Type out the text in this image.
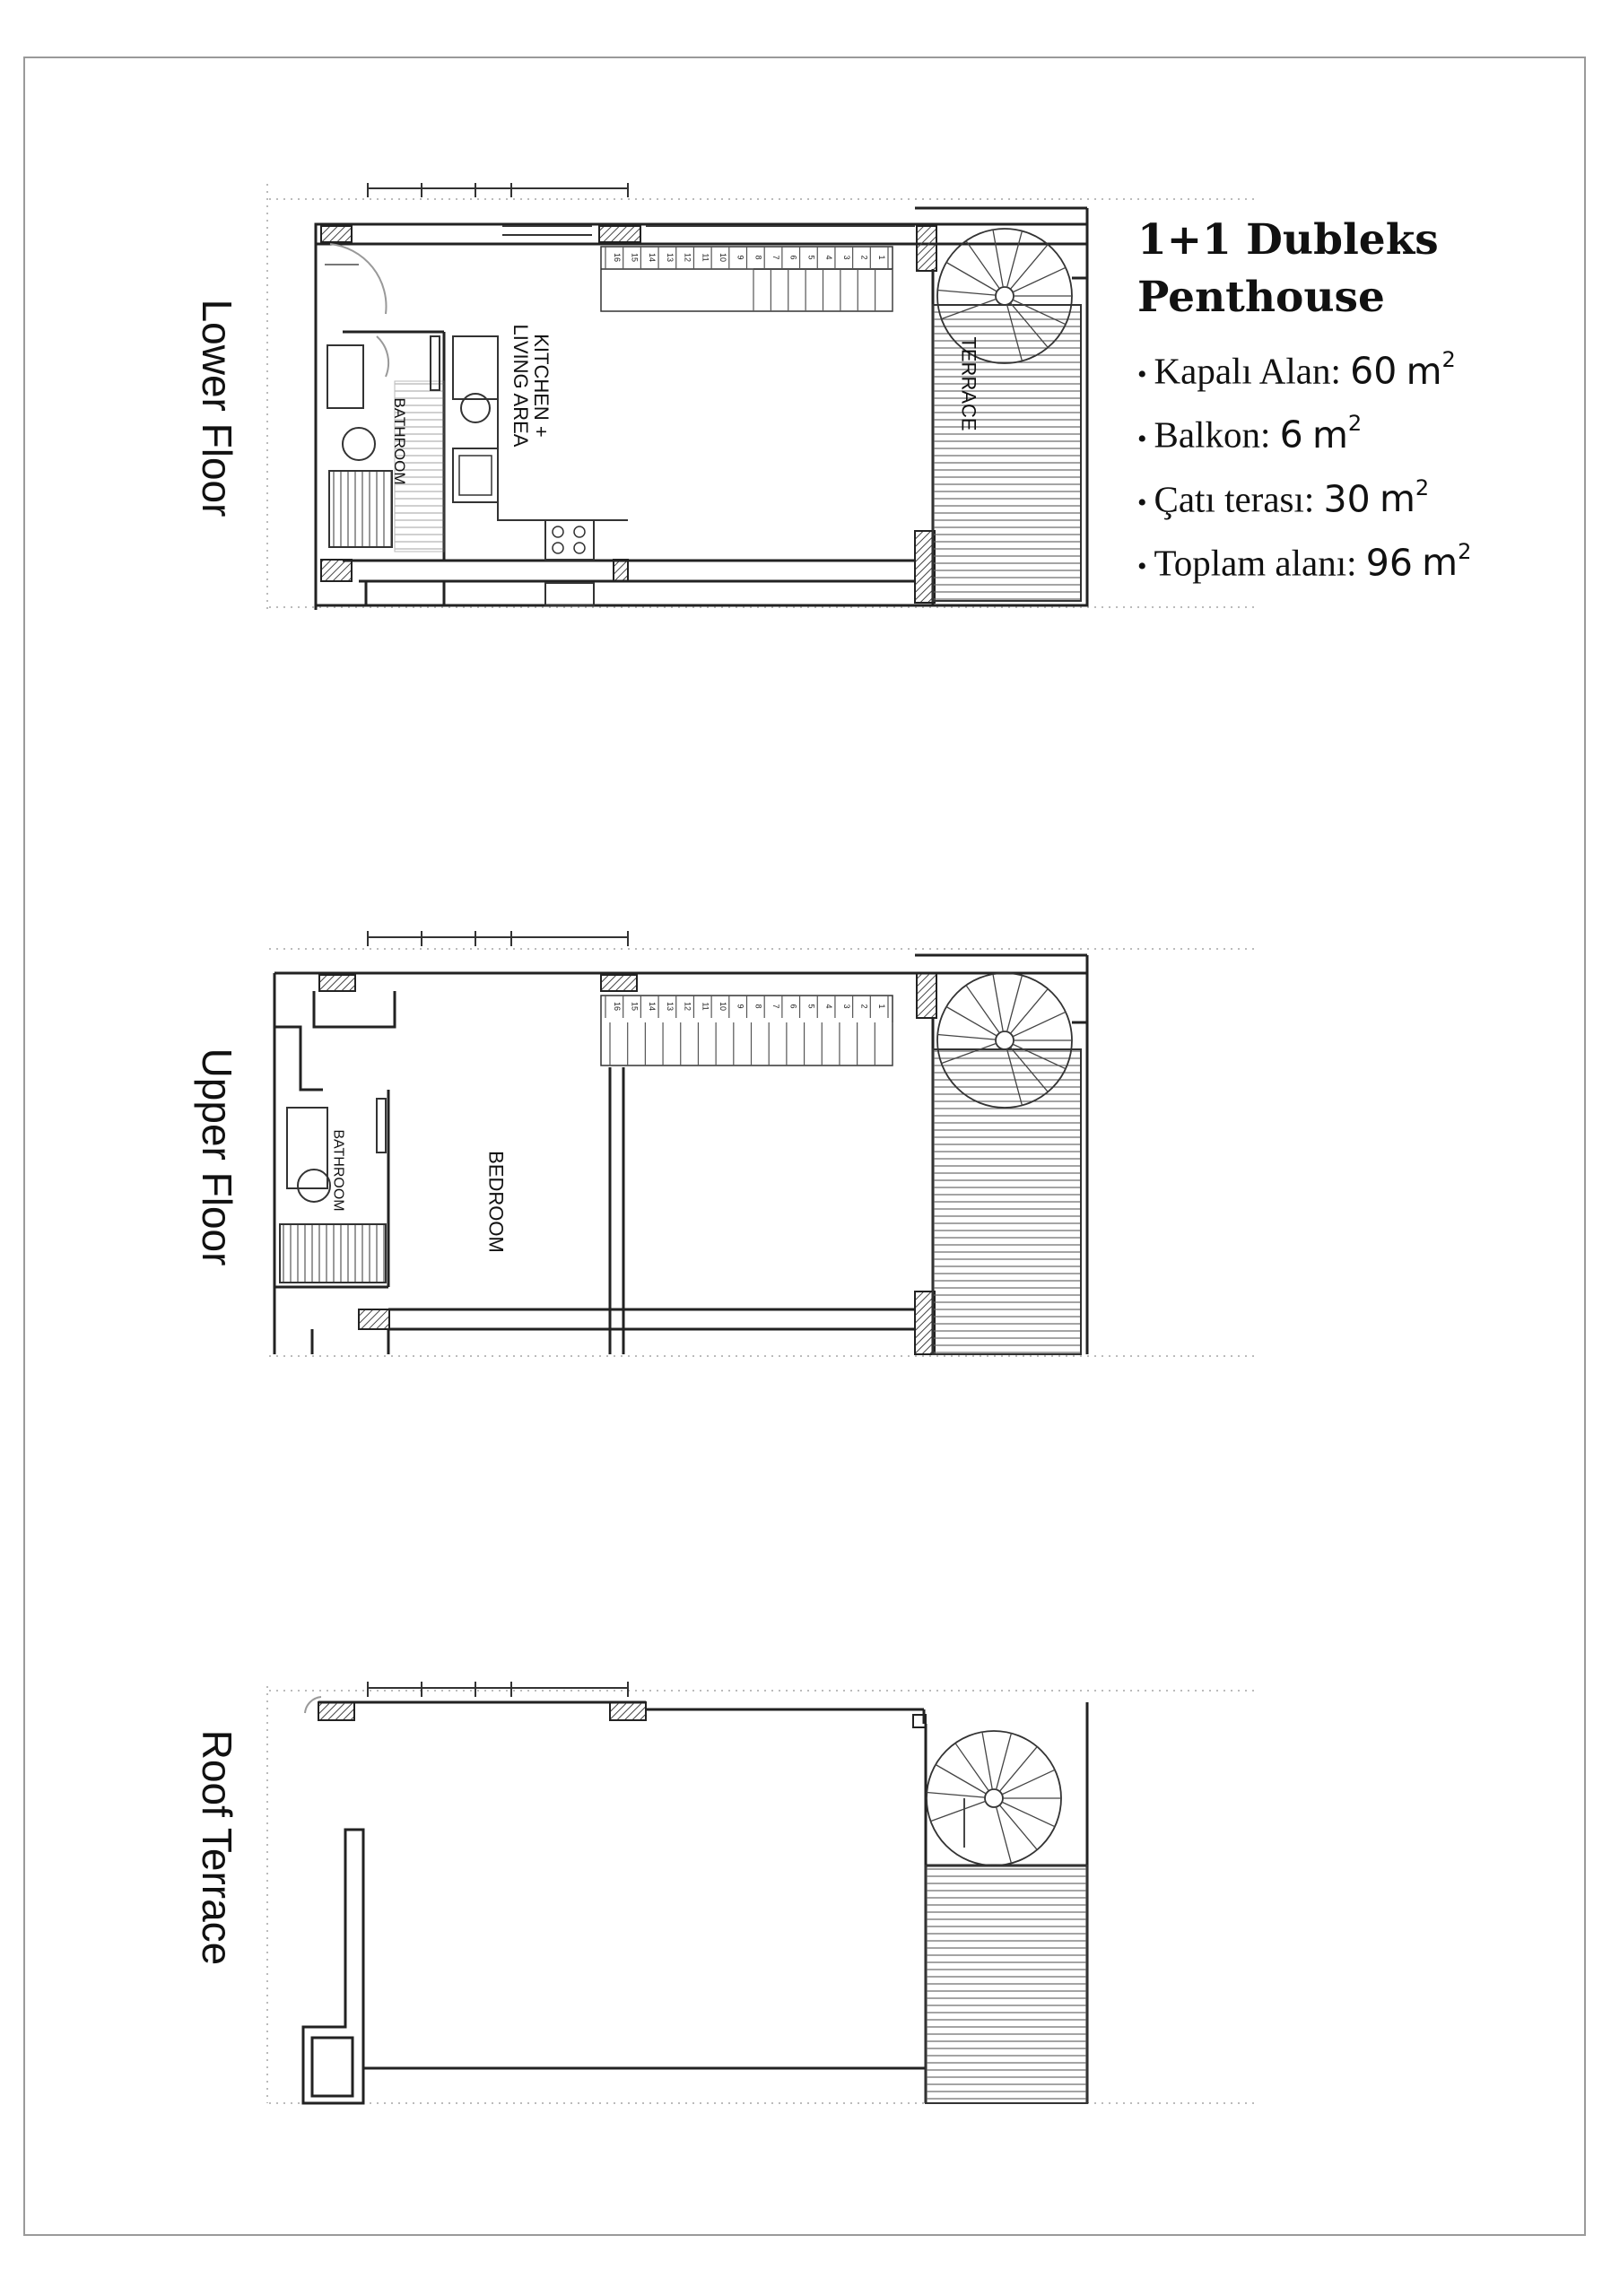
Lower Floor
Upper Floor
Roof Terrace

1+1 Dubleks

Penthouse

• Kapalı Alan: 60 $m^2$
• Balkon: 6 $m^2$
• Çatı terası: 30 $m^2$
• Toplam alanı: 96 $m^2$
16 15 14 13 12 11 10 9 8 7 6 5 4 3 2 1
KITCHEN +
LIVING AREA
BATHROOM
TERRACE
16 15 14 13 12 11 10 9 8 7 6 5 4 3 2 1
BATHROOM	BEDROOM
